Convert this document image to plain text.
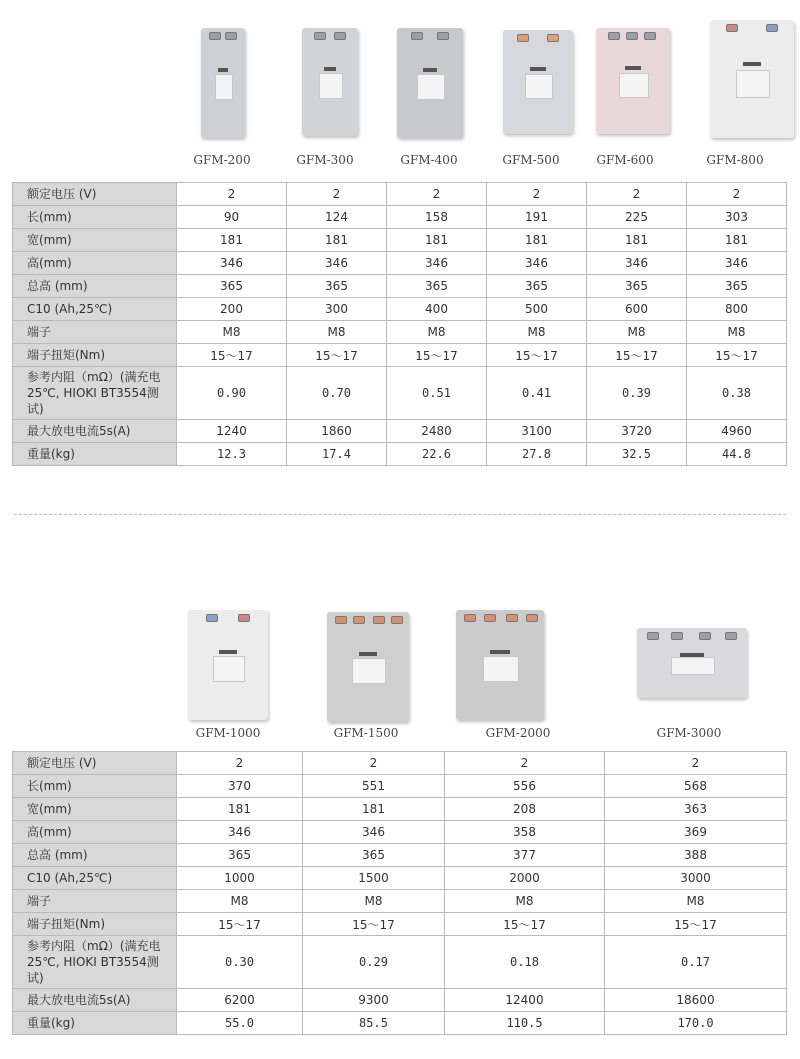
GFM-200	GFM-300	GFM-400	GFM-500	GFM-600	GFM-800
额定电压 (V)	2	2	2	2	2	2

长(mm)	90	124	158	191	225	303

宽(mm)	181	181	181	181	181	181

高(mm)	346	346	346	346	346	346

总高 (mm)	365	365	365	365	365	365

C10 (Ah,25℃)	200	300	400	500	600	800

端子	M8	M8	M8	M8	M8	M8

端子扭矩(Nm)	15～17	15～17	15～17	15～17	15～17	15～17

参考内阻（mΩ）(满充电25℃, HIOKI BT3554测试)	0.90	0.70	0.51	0.41	0.39	0.38

最大放电电流5s(A)	1240	1860	2480	3100	3720	4960

重量(kg)	12.3	17.4	22.6	27.8	32.5	44.8
GFM-1000	GFM-1500	GFM-2000	GFM-3000
额定电压 (V)	2	2	2	2

长(mm)	370	551	556	568

宽(mm)	181	181	208	363

高(mm)	346	346	358	369

总高 (mm)	365	365	377	388

C10 (Ah,25℃)	1000	1500	2000	3000

端子	M8	M8	M8	M8

端子扭矩(Nm)	15～17	15～17	15～17	15～17

参考内阻（mΩ）(满充电25℃, HIOKI BT3554测试)	0.30	0.29	0.18	0.17

最大放电电流5s(A)	6200	9300	12400	18600

重量(kg)	55.0	85.5	110.5	170.0
